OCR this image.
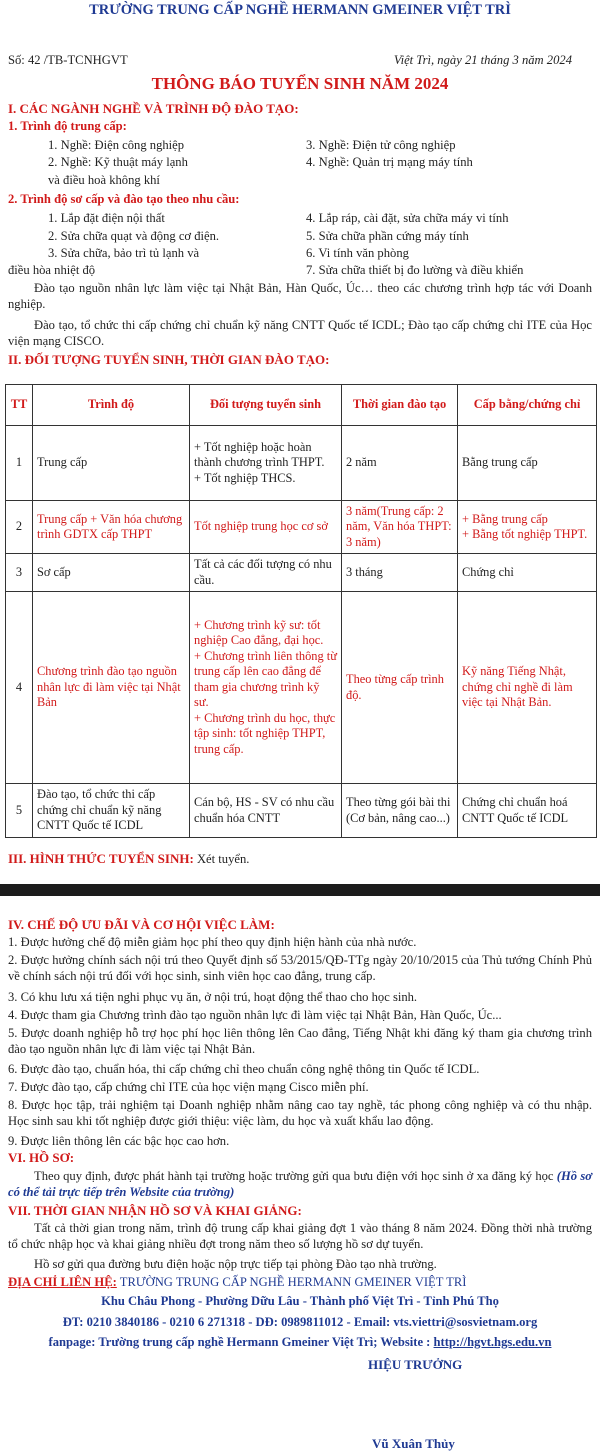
TRƯỜNG TRUNG CẤP NGHỀ HERMANN GMEINER VIỆT TRÌ
Số: 42 /TB-TCNHGVT	Việt Trì, ngày 21 tháng 3 năm 2024
THÔNG BÁO TUYỂN SINH NĂM 2024
I. CÁC NGÀNH NGHỀ VÀ TRÌNH ĐỘ ĐÀO TẠO:
1. Trình độ trung cấp:
1. Nghề: Điện công nghiệp
2. Nghề: Kỹ thuật máy lạnh
và điều hoà không khí
3. Nghề: Điện tử công nghiệp
4. Nghề: Quản trị mạng máy tính
2. Trình độ sơ cấp và đào tạo theo nhu cầu:
1. Lắp đặt điện nội thất
2. Sửa chữa quạt và động cơ điện.
3. Sửa chữa, bảo trì tủ lạnh và
điều hòa nhiệt độ
4. Lắp ráp, cài đặt, sửa chữa máy vi tính
5. Sửa chữa phần cứng máy tính
6. Vi tính văn phòng
7. Sửa chữa thiết bị đo lường và điều khiển
Đào tạo nguồn nhân lực làm việc tại Nhật Bản, Hàn Quốc, Úc… theo các chương trình hợp tác với Doanh nghiệp.
Đào tạo, tổ chức thi cấp chứng chỉ chuẩn kỹ năng CNTT Quốc tế ICDL; Đào tạo cấp chứng chỉ ITE của Học viện mạng CISCO.
II. ĐỐI TƯỢNG TUYỂN SINH, THỜI GIAN ĐÀO TẠO:
TT	Trình độ	Đối tượng tuyển sinh	Thời gian đào tạo	Cấp bằng/chứng chỉ
1	Trung cấp	+ Tốt nghiệp hoặc hoàn thành chương trình THPT.
+ Tốt nghiệp THCS.	2 năm	Bằng trung cấp
2	Trung cấp + Văn hóa chương trình GDTX cấp THPT	Tốt nghiệp trung học cơ sở	3 năm(Trung cấp: 2 năm, Văn hóa THPT: 3 năm)	+ Bằng trung cấp
+ Bằng tốt nghiệp THPT.
3	Sơ cấp	Tất cả các đối tượng có nhu cầu.	3 tháng	Chứng chỉ
4	Chương trình đào tạo nguồn nhân lực đi làm việc tại Nhật Bản	+ Chương trình kỹ sư: tốt nghiệp Cao đẳng, đại học.
+ Chương trình liên thông từ trung cấp lên cao đẳng để tham gia chương trình kỹ sư.
+ Chương trình du học, thực tập sinh: tốt nghiệp THPT, trung cấp.	Theo từng cấp trình độ.	Kỹ năng Tiếng Nhật, chứng chỉ nghề đi làm việc tại Nhật Bản.
5	Đào tạo, tổ chức thi cấp chứng chỉ chuẩn kỹ năng CNTT Quốc tế ICDL	Cán bộ, HS - SV có nhu cầu chuẩn hóa CNTT	Theo từng gói bài thi (Cơ bản, nâng cao...)	Chứng chỉ chuẩn hoá CNTT Quốc tế ICDL
III. HÌNH THỨC TUYỂN SINH: Xét tuyển.
IV. CHẾ ĐỘ ƯU ĐÃI VÀ CƠ HỘI VIỆC LÀM:
1. Được hưởng chế độ miễn giảm học phí theo quy định hiện hành của nhà nước.
2. Được hưởng chính sách nội trú theo Quyết định số 53/2015/QĐ-TTg ngày 20/10/2015 của Thủ tướng Chính Phủ về chính sách nội trú đối với học sinh, sinh viên học cao đẳng, trung cấp.
3. Có khu lưu xá tiện nghi phục vụ ăn, ở nội trú, hoạt động thể thao cho học sinh.
4. Được tham gia Chương trình đào tạo nguồn nhân lực đi làm việc tại Nhật Bản, Hàn Quốc, Úc...
5. Được doanh nghiệp hỗ trợ học phí học liên thông lên Cao đẳng, Tiếng Nhật khi đăng ký tham gia chương trình đào tạo nguồn nhân lực đi làm việc tại Nhật Bản.
6. Được đào tạo, chuẩn hóa, thi cấp chứng chỉ theo chuẩn công nghệ thông tin Quốc tế ICDL.
7. Được đào tạo, cấp chứng chỉ ITE của học viện mạng Cisco miễn phí.
8. Được học tập, trải nghiệm tại Doanh nghiệp nhằm nâng cao tay nghề, tác phong công nghiệp và có thu nhập. Học sinh sau khi tốt nghiệp được giới thiệu: việc làm, du học và xuất khẩu lao động.
9. Được liên thông lên các bậc học cao hơn.
VI. HỒ SƠ:
Theo quy định, được phát hành tại trường hoặc trường gửi qua bưu điện với học sinh ở xa đăng ký học (Hồ sơ có thể tải trực tiếp trên Website của trường)
VII. THỜI GIAN NHẬN HỒ SƠ VÀ KHAI GIẢNG:
Tất cả thời gian trong năm, trình độ trung cấp khai giảng đợt 1 vào tháng 8 năm 2024. Đồng thời nhà trường tổ chức nhập học và khai giảng nhiều đợt trong năm theo số lượng hồ sơ dự tuyển.
Hồ sơ gửi qua đường bưu điện hoặc nộp trực tiếp tại phòng Đào tạo nhà trường.
ĐỊA CHỈ LIÊN HỆ: TRƯỜNG TRUNG CẤP NGHỀ HERMANN GMEINER VIỆT TRÌ
Khu Châu Phong - Phường Dữu Lâu - Thành phố Việt Trì - Tỉnh Phú Thọ
ĐT: 0210 3840186 - 0210 6 271318 - DĐ: 0989811012 - Email: vts.viettri@sosvietnam.org
fanpage: Trường trung cấp nghề Hermann Gmeiner Việt Trì; Website : http://hgvt.hgs.edu.vn
HIỆU TRƯỞNG
Vũ Xuân Thủy
